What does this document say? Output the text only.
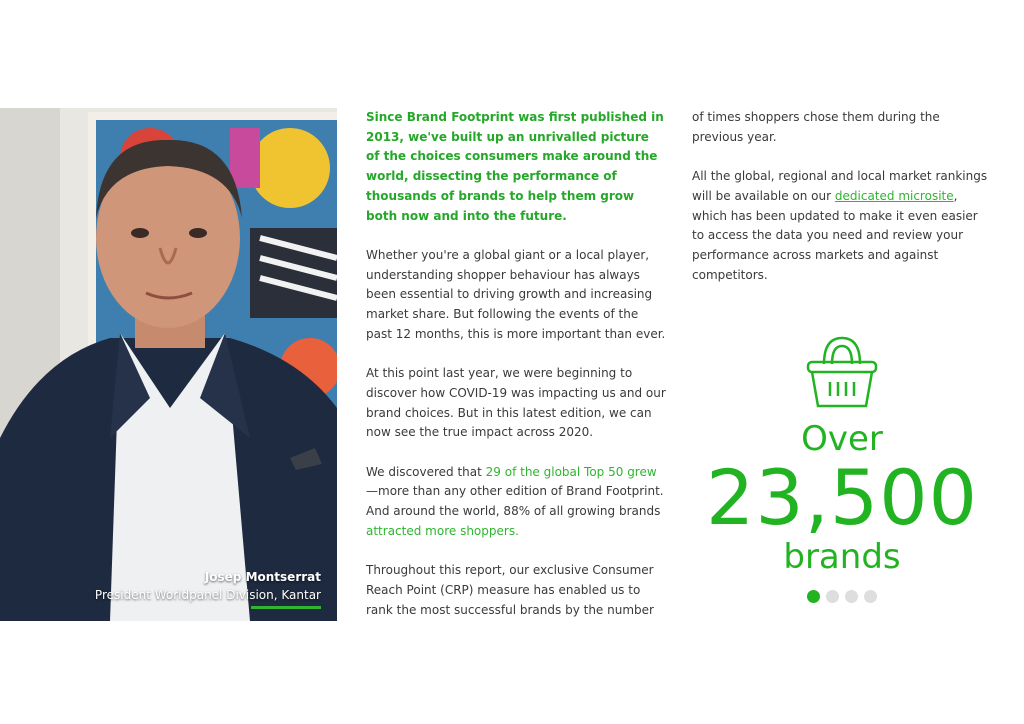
Josep Montserrat
President Worldpanel Division, Kantar

Since Brand Footprint was first published in 2013, we've built up an unrivalled picture of the choices consumers make around the world, dissecting the performance of thousands of brands to help them grow both now and into the future.

Whether you're a global giant or a local player, understanding shopper behaviour has always been essential to driving growth and increasing market share. But following the events of the past 12 months, this is more important than ever.

At this point last year, we were beginning to discover how COVID-19 was impacting us and our brand choices. But in this latest edition, we can now see the true impact across 2020.

We discovered that 29 of the global Top 50 grew—more than any other edition of Brand Footprint. And around the world, 88% of all growing brands attracted more shoppers.

Throughout this report, our exclusive Consumer Reach Point (CRP) measure has enabled us to rank the most successful brands by the number

of times shoppers chose them during the previous year.

All the global, regional and local market rankings will be available on our dedicated microsite, which has been updated to make it even easier to access the data you need and review your performance across markets and against competitors.

Over
23,500
brands
